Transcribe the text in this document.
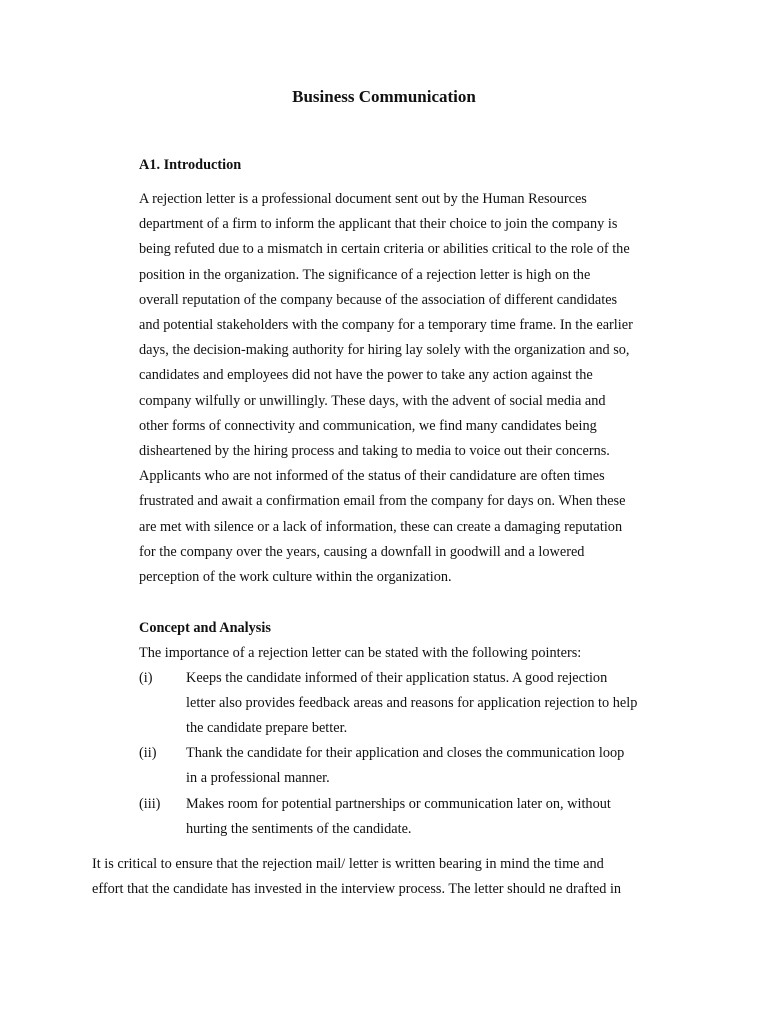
Business Communication
A1. Introduction

A rejection letter is a professional document sent out by the Human Resources
department of a firm to inform the applicant that their choice to join the company is
being refuted due to a mismatch in certain criteria or abilities critical to the role of the
position in the organization. The significance of a rejection letter is high on the
overall reputation of the company because of the association of different candidates
and potential stakeholders with the company for a temporary time frame. In the earlier
days, the decision-making authority for hiring lay solely with the organization and so,
candidates and employees did not have the power to take any action against the
company wilfully or unwillingly. These days, with the advent of social media and
other forms of connectivity and communication, we find many candidates being
disheartened by the hiring process and taking to media to voice out their concerns.
Applicants who are not informed of the status of their candidature are often times
frustrated and await a confirmation email from the company for days on. When these
are met with silence or a lack of information, these can create a damaging reputation
for the company over the years, causing a downfall in goodwill and a lowered
perception of the work culture within the organization.

Concept and Analysis

The importance of a rejection letter can be stated with the following pointers:

(i)	Keeps the candidate informed of their application status. A good rejection
letter also provides feedback areas and reasons for application rejection to help
the candidate prepare better.
(ii)	Thank the candidate for their application and closes the communication loop
in a professional manner.
(iii)	Makes room for potential partnerships or communication later on, without
hurting the sentiments of the candidate.

It is critical to ensure that the rejection mail/ letter is written bearing in mind the time and
effort that the candidate has invested in the interview process. The letter should ne drafted in
